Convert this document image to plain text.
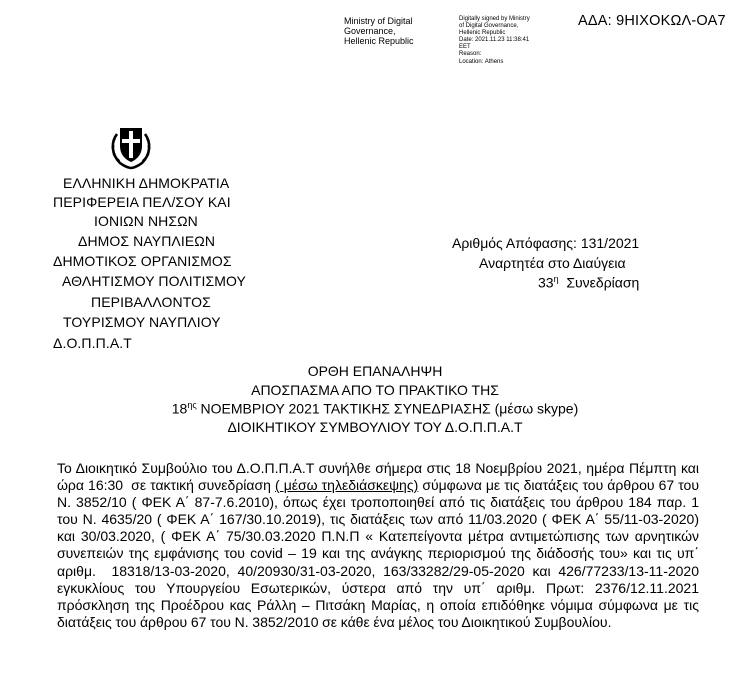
Ministry of Digital
Governance,
Hellenic Republic
Digitally signed by Ministry
of Digital Governance,
Hellenic Republic
Date: 2021.11.23 11:38:41
EET
Reason:
Location: Athens
ΑΔΑ: 9ΗΙΧΟΚΩΛ-ΟΑ7
ΕΛΛΗΝΙΚΗ ΔΗΜΟΚΡΑΤΙΑ
ΠΕΡΙΦΕΡΕΙΑ ΠΕΛ/ΣΟΥ ΚΑΙ
ΙΟΝΙΩΝ ΝΗΣΩΝ
ΔΗΜΟΣ ΝΑΥΠΛΙΕΩΝ
ΔΗΜΟΤΙΚΟΣ ΟΡΓΑΝΙΣΜΟΣ
ΑΘΛΗΤΙΣΜΟΥ ΠΟΛΙΤΙΣΜΟΥ
ΠΕΡΙΒΑΛΛΟΝΤΟΣ
ΤΟΥΡΙΣΜΟΥ ΝΑΥΠΛΙΟΥ
Δ.Ο.Π.Π.Α.Τ
Αριθμός Απόφασης: 131/2021
Αναρτητέα στο Διαύγεια
$33^\eta$  Συνεδρίαση
ΟΡΘΗ ΕΠΑΝΑΛΗΨΗ
ΑΠΟΣΠΑΣΜΑ ΑΠΟ ΤΟ ΠΡΑΚΤΙΚΟ ΤΗΣ
$18^{\eta\varsigma}$ ΝΟΕΜΒΡΙΟΥ 2021 ΤΑΚΤΙΚΗΣ ΣΥΝΕΔΡΙΑΣΗΣ (μέσω skype)
ΔΙΟΙΚΗΤΙΚΟΥ ΣΥΜΒΟΥΛΙΟΥ ΤΟΥ Δ.Ο.Π.Π.Α.Τ
Το Διοικητικό Συμβούλιο του Δ.Ο.Π.Π.Α.Τ συνήλθε σήμερα στις 18 Νοεμβρίου 2021, ημέρα Πέμπτη και ώρα 16:30  σε τακτική συνεδρίαση ( μέσω τηλεδιάσκεψης) σύμφωνα με τις διατάξεις του άρθρου 67 του Ν. 3852/10 ( ΦΕΚ Α΄ 87-7.6.2010), όπως έχει τροποποιηθεί από τις διατάξεις του άρθρου 184 παρ. 1 του Ν. 4635/20 ( ΦΕΚ Α΄ 167/30.10.2019), τις διατάξεις των από 11/03.2020 ( ΦΕΚ Α΄ 55/11-03-2020) και 30/03.2020, ( ΦΕΚ Α΄ 75/30.03.2020 Π.Ν.Π « Κατεπείγοντα μέτρα αντιμετώπισης των αρνητικών συνεπειών της εμφάνισης του covid – 19 και της ανάγκης περιορισμού της διάδοσής του» και τις υπ΄ αριθμ.  18318/13-03-2020, 40/20930/31-03-2020, 163/33282/29-05-2020 και 426/77233/13-11-2020 εγκυκλίους του Υπουργείου Εσωτερικών, ύστερα από την υπ΄ αριθμ. Πρωτ: 2376/12.11.2021 πρόσκληση της Προέδρου κας Ράλλη – Πιτσάκη Μαρίας, η οποία επιδόθηκε νόμιμα σύμφωνα με τις διατάξεις του άρθρου 67 του Ν. 3852/2010 σε κάθε ένα μέλος του Διοικητικού Συμβουλίου.
